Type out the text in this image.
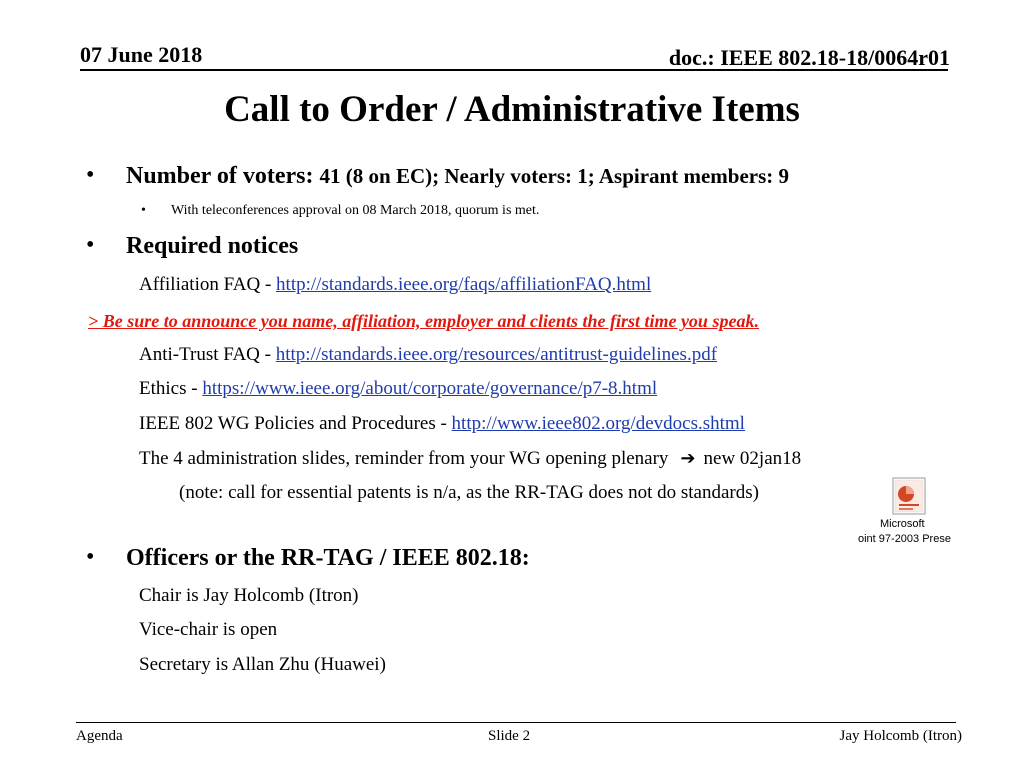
07 June 2018	doc.: IEEE 802.18-18/0064r01
Call to Order / Administrative Items
• Number of voters: 41 (8 on EC); Nearly voters: 1; Aspirant members: 9
• With teleconferences approval on 08 March 2018, quorum is met.
• Required notices
Affiliation FAQ - http://standards.ieee.org/faqs/affiliationFAQ.html
> Be sure to announce you name, affiliation, employer and clients the first time you speak.
Anti-Trust FAQ - http://standards.ieee.org/resources/antitrust-guidelines.pdf
Ethics - https://www.ieee.org/about/corporate/governance/p7-8.html
IEEE 802 WG Policies and Procedures - http://www.ieee802.org/devdocs.shtml
The 4 administration slides, reminder from your WG opening plenary ➔ new 02jan18
(note: call for essential patents is n/a, as the RR-TAG does not do standards)
Microsoft
oint 97-2003 Prese
• Officers or the RR-TAG / IEEE 802.18:
Chair is Jay Holcomb (Itron)
Vice-chair is open
Secretary is Allan Zhu (Huawei)
Agenda	Slide 2	Jay Holcomb (Itron)
